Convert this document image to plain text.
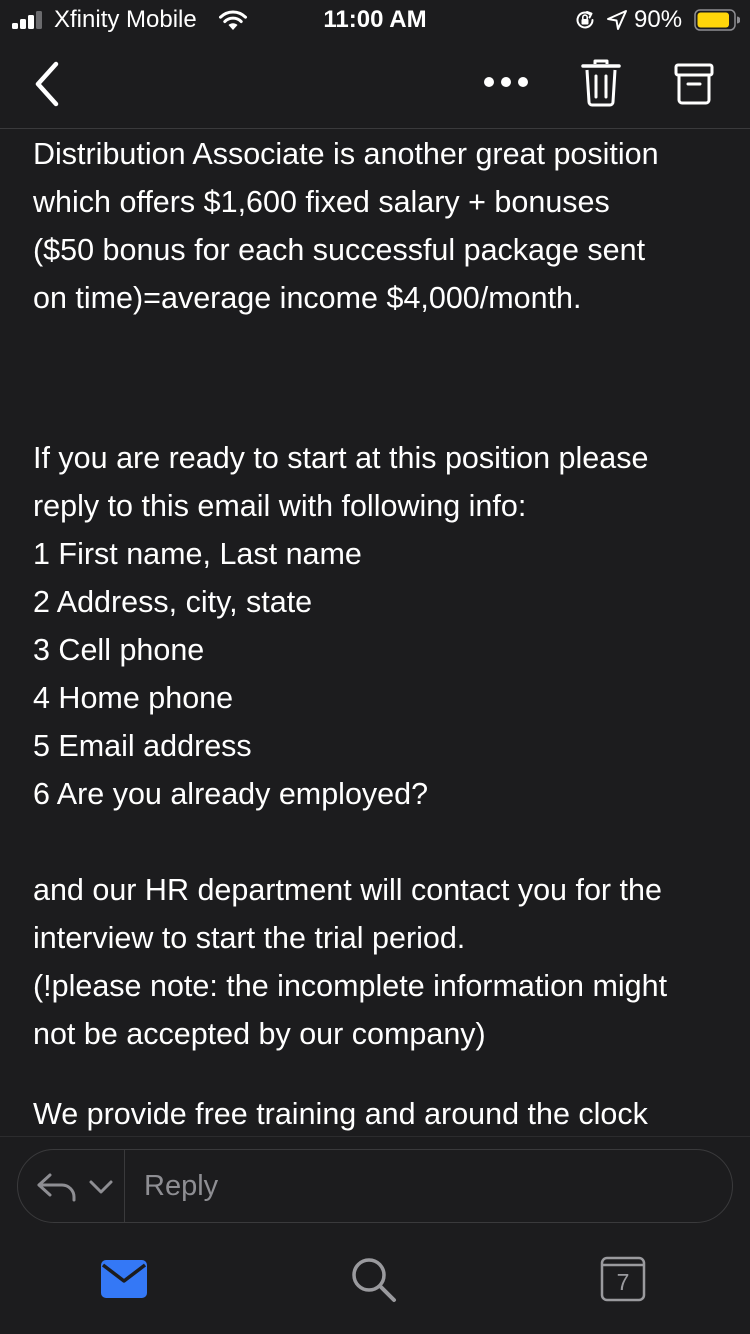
Xfinity Mobile	11:00 AM	90%
Distribution Associate is another great position
which offers $1,600 fixed salary + bonuses
($50 bonus for each successful package sent
on time)=average income $4,000/month.
If you are ready to start at this position please
reply to this email with following info:
1 First name, Last name
2 Address, city, state
3 Cell phone
4 Home phone
5 Email address
6 Are you already employed?
and our HR department will contact you for the
interview to start the trial period.
(!please note: the incomplete information might
not be accepted by our company)
We provide free training and around the clock
Reply
7
